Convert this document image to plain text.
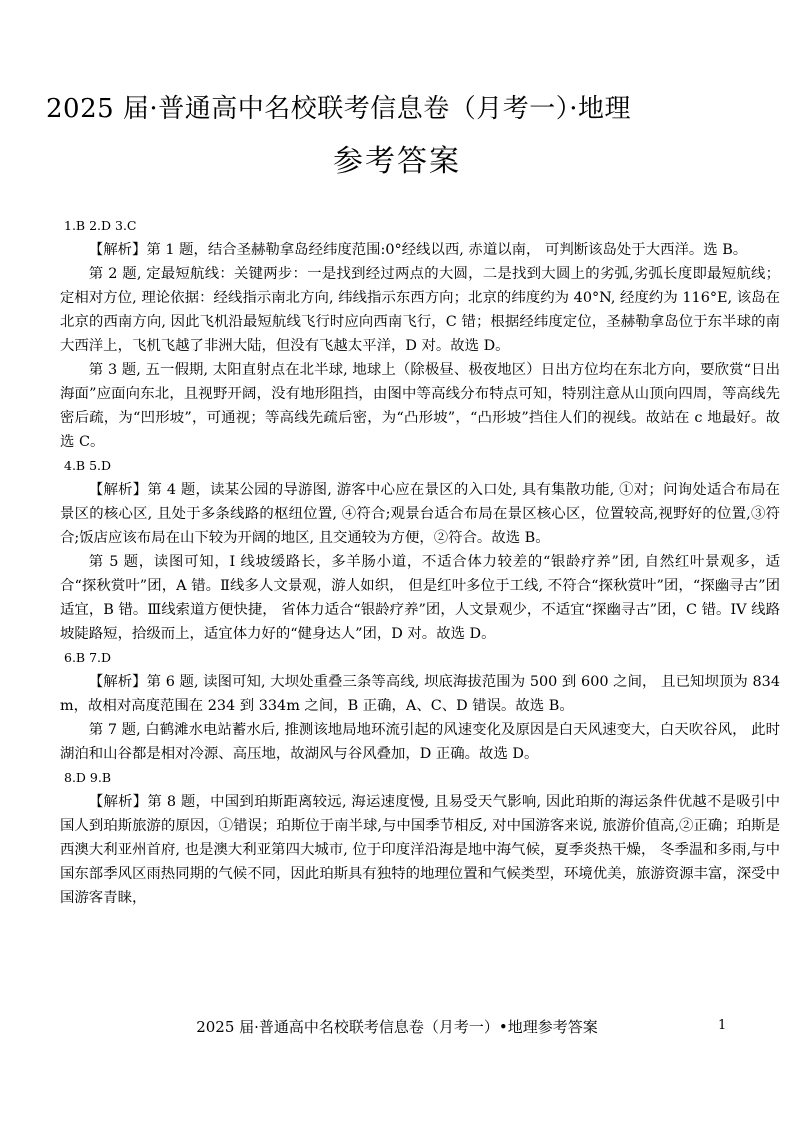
2025 届·普通高中名校联考信息卷（月考一）·地理
参考答案

1.B 2.D 3.C

【解析】第 1 题，结合圣赫勒拿岛经纬度范围:0°经线以西, 赤道以南， 可判断该岛处于大西洋。选 B。

第 2 题, 定最短航线：关键两步：一是找到经过两点的大圆，二是找到大圆上的劣弧,劣弧长度即最短航线；定相对方位, 理论依据：经线指示南北方向, 纬线指示东西方向；北京的纬度约为 40°N, 经度约为 116°E, 该岛在北京的西南方向, 因此飞机沿最短航线飞行时应向西南飞行，C 错；根据经纬度定位，圣赫勒拿岛位于东半球的南大西洋上，飞机飞越了非洲大陆，但没有飞越太平洋，D 对。故选 D。

第 3 题, 五一假期, 太阳直射点在北半球, 地球上（除极昼、极夜地区）日出方位均在东北方向，要欣赏“日出海面”应面向东北，且视野开阔，没有地形阻挡，由图中等高线分布特点可知，特别注意从山顶向四周，等高线先密后疏，为“凹形坡”，可通视；等高线先疏后密，为“凸形坡”，“凸形坡”挡住人们的视线。故站在 c 地最好。故选 C。

4.B 5.D

【解析】第 4 题，读某公园的导游图, 游客中心应在景区的入口处, 具有集散功能, ①对；问询处适合布局在景区的核心区, 且处于多条线路的枢纽位置, ④符合;观景台适合布局在景区核心区，位置较高,视野好的位置,③符合;饭店应该布局在山下较为开阔的地区, 且交通较为方便，②符合。故选 B。

第 5 题，读图可知，I 线坡缓路长，多羊肠小道，不适合体力较差的“银龄疗养”团, 自然红叶景观多，适合“探秋赏叶”团，A 错。Ⅱ线多人文景观，游人如织， 但是红叶多位于工线, 不符合“探秋赏叶”团，“探幽寻古”团适宜，B 错。Ⅲ线索道方便快捷， 省体力适合“银龄疗养”团，人文景观少，不适宜“探幽寻古”团，C 错。IV 线路坡陡路短，拾级而上，适宜体力好的“健身达人”团，D 对。故选 D。

6.B 7.D

【解析】第 6 题, 读图可知, 大坝处重叠三条等高线, 坝底海拔范围为 500 到 600 之间， 且已知坝顶为 834 m，故相对高度范围在 234 到 334m 之间，B 正确，A、C、D 错误。故选 B。

第 7 题, 白鹤滩水电站蓄水后, 推测该地局地环流引起的风速变化及原因是白天风速变大，白天吹谷风， 此时湖泊和山谷都是相对冷源、高压地，故湖风与谷风叠加，D 正确。故选 D。

8.D 9.B

【解析】第 8 题，中国到珀斯距离较远, 海运速度慢, 且易受天气影响, 因此珀斯的海运条件优越不是吸引中国人到珀斯旅游的原因，①错误；珀斯位于南半球,与中国季节相反, 对中国游客来说, 旅游价值高,②正确；珀斯是西澳大利亚州首府, 也是澳大利亚第四大城市, 位于印度洋沿海是地中海气候，夏季炎热干燥， 冬季温和多雨,与中国东部季风区雨热同期的气候不同，因此珀斯具有独特的地理位置和气候类型，环境优美，旅游资源丰富，深受中国游客青睐，

2025 届·普通高中名校联考信息卷（月考一）•地理参考答案	1
